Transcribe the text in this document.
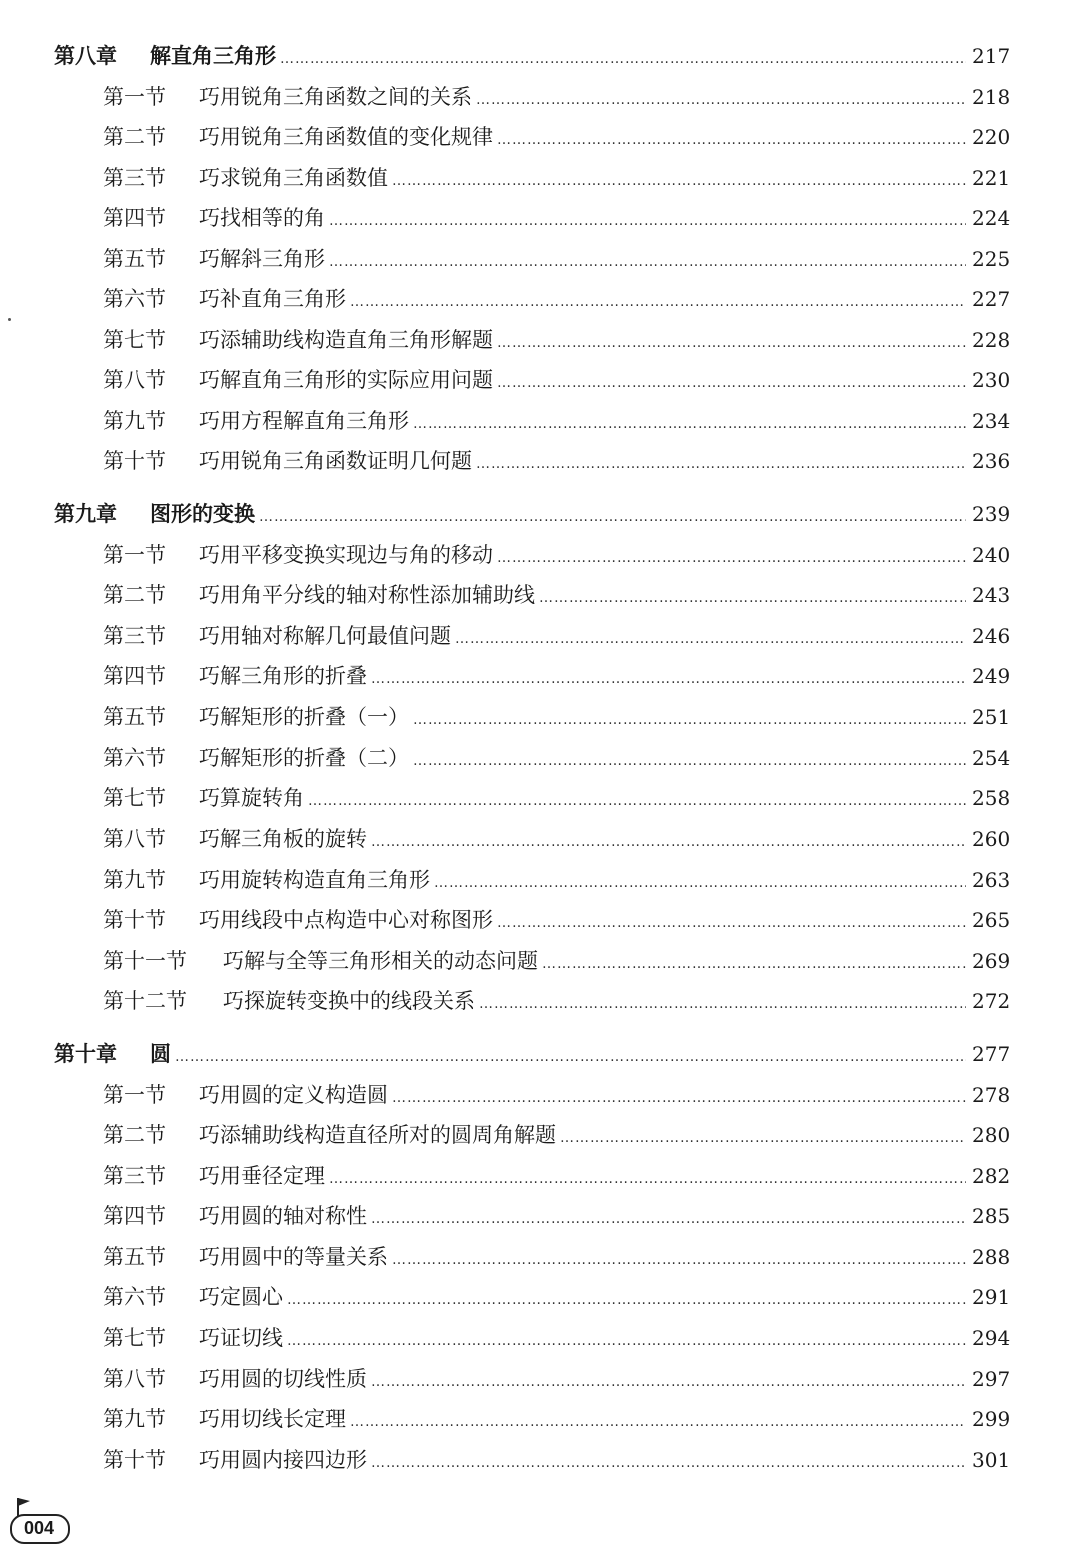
第八章	解直角三角形 ………………………………………………………………………………………………………………………………………………………………………………………………………………………………	217
第一节	巧用锐角三角函数之间的关系 ………………………………………………………………………………………………………………………………………………………………………………………………………………………………	218
第二节	巧用锐角三角函数值的变化规律 ………………………………………………………………………………………………………………………………………………………………………………………………………………………………	220
第三节	巧求锐角三角函数值 ………………………………………………………………………………………………………………………………………………………………………………………………………………………………	221
第四节	巧找相等的角 ………………………………………………………………………………………………………………………………………………………………………………………………………………………………	224
第五节	巧解斜三角形 ………………………………………………………………………………………………………………………………………………………………………………………………………………………………	225
第六节	巧补直角三角形 ………………………………………………………………………………………………………………………………………………………………………………………………………………………………	227
第七节	巧添辅助线构造直角三角形解题 ………………………………………………………………………………………………………………………………………………………………………………………………………………………………	228
第八节	巧解直角三角形的实际应用问题 ………………………………………………………………………………………………………………………………………………………………………………………………………………………………	230
第九节	巧用方程解直角三角形 ………………………………………………………………………………………………………………………………………………………………………………………………………………………………	234
第十节	巧用锐角三角函数证明几何题 ………………………………………………………………………………………………………………………………………………………………………………………………………………………………	236
第九章	图形的变换 ………………………………………………………………………………………………………………………………………………………………………………………………………………………………	239
第一节	巧用平移变换实现边与角的移动 ………………………………………………………………………………………………………………………………………………………………………………………………………………………………	240
第二节	巧用角平分线的轴对称性添加辅助线 ………………………………………………………………………………………………………………………………………………………………………………………………………………………………	243
第三节	巧用轴对称解几何最值问题 ………………………………………………………………………………………………………………………………………………………………………………………………………………………………	246
第四节	巧解三角形的折叠 ………………………………………………………………………………………………………………………………………………………………………………………………………………………………	249
第五节	巧解矩形的折叠（一） ………………………………………………………………………………………………………………………………………………………………………………………………………………………………	251
第六节	巧解矩形的折叠（二） ………………………………………………………………………………………………………………………………………………………………………………………………………………………………	254
第七节	巧算旋转角 ………………………………………………………………………………………………………………………………………………………………………………………………………………………………	258
第八节	巧解三角板的旋转 ………………………………………………………………………………………………………………………………………………………………………………………………………………………………	260
第九节	巧用旋转构造直角三角形 ………………………………………………………………………………………………………………………………………………………………………………………………………………………………	263
第十节	巧用线段中点构造中心对称图形 ………………………………………………………………………………………………………………………………………………………………………………………………………………………………	265
第十一节	巧解与全等三角形相关的动态问题 ………………………………………………………………………………………………………………………………………………………………………………………………………………………………	269
第十二节	巧探旋转变换中的线段关系 ………………………………………………………………………………………………………………………………………………………………………………………………………………………………	272
第十章	圆 ………………………………………………………………………………………………………………………………………………………………………………………………………………………………	277
第一节	巧用圆的定义构造圆 ………………………………………………………………………………………………………………………………………………………………………………………………………………………………	278
第二节	巧添辅助线构造直径所对的圆周角解题 ………………………………………………………………………………………………………………………………………………………………………………………………………………………………	280
第三节	巧用垂径定理 ………………………………………………………………………………………………………………………………………………………………………………………………………………………………	282
第四节	巧用圆的轴对称性 ………………………………………………………………………………………………………………………………………………………………………………………………………………………………	285
第五节	巧用圆中的等量关系 ………………………………………………………………………………………………………………………………………………………………………………………………………………………………	288
第六节	巧定圆心 ………………………………………………………………………………………………………………………………………………………………………………………………………………………………	291
第七节	巧证切线 ………………………………………………………………………………………………………………………………………………………………………………………………………………………………	294
第八节	巧用圆的切线性质 ………………………………………………………………………………………………………………………………………………………………………………………………………………………………	297
第九节	巧用切线长定理 ………………………………………………………………………………………………………………………………………………………………………………………………………………………………	299
第十节	巧用圆内接四边形 ………………………………………………………………………………………………………………………………………………………………………………………………………………………………	301
004
